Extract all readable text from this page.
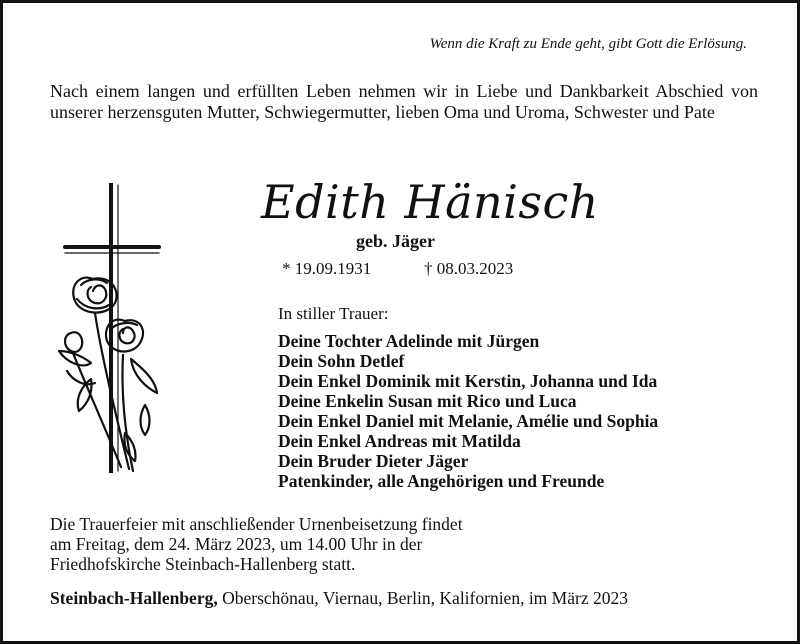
Wenn die Kraft zu Ende geht, gibt Gott die Erlösung.

Nach einem langen und erfüllten Leben nehmen wir in Liebe und Dankbarkeit Abschied von unserer herzensguten Mutter, Schwiegermutter, lieben Oma und Uroma, Schwester und Pate

Edith Hänisch

geb. Jäger

* 19.09.1931	† 08.03.2023

In stiller Trauer:

Deine Tochter Adelinde mit Jürgen
Dein Sohn Detlef
Dein Enkel Dominik mit Kerstin, Johanna und Ida
Deine Enkelin Susan mit Rico und Luca
Dein Enkel Daniel mit Melanie, Amélie und Sophia
Dein Enkel Andreas mit Matilda
Dein Bruder Dieter Jäger
Patenkinder, alle Angehörigen und Freunde

Die Trauerfeier mit anschließender Urnenbeisetzung findet
am Freitag, dem 24. März 2023, um 14.00 Uhr in der
Friedhofskirche Steinbach-Hallenberg statt.

Steinbach-Hallenberg, Oberschönau, Viernau, Berlin, Kalifornien, im März 2023
